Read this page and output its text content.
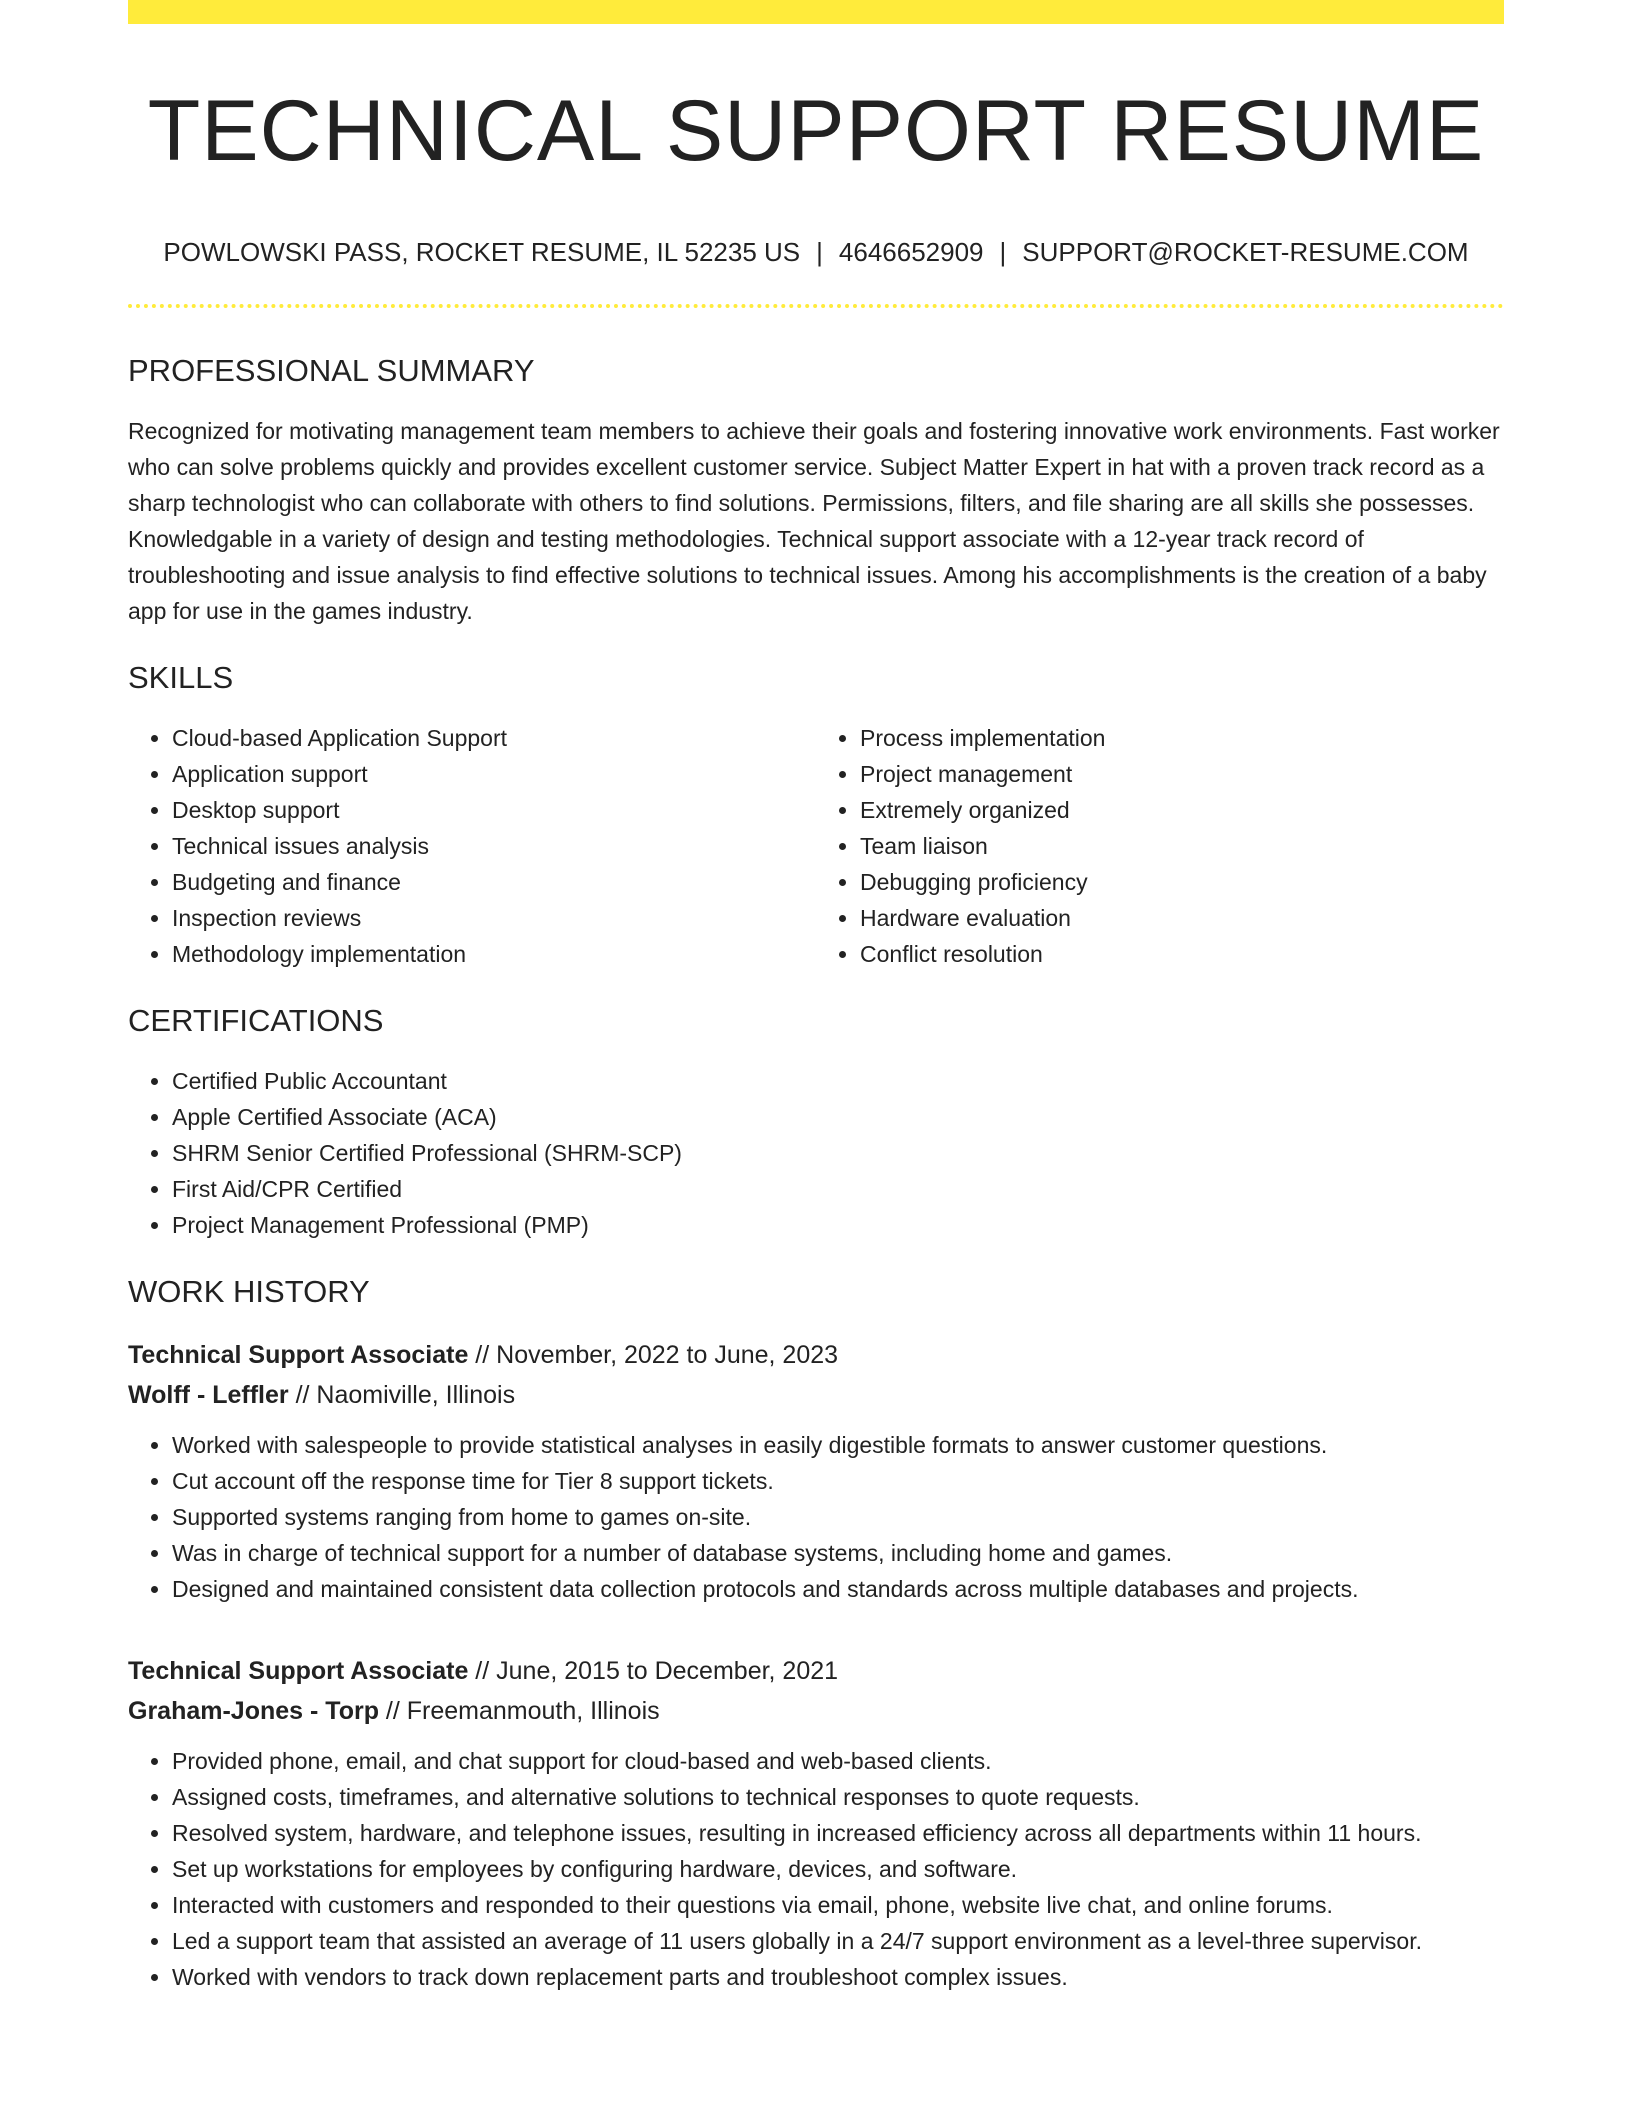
TECHNICAL SUPPORT RESUME
POWLOWSKI PASS, ROCKET RESUME, IL 52235 US | 4646652909 | SUPPORT@ROCKET-RESUME.COM
PROFESSIONAL SUMMARY

Recognized for motivating management team members to achieve their goals and fostering innovative work environments. Fast worker who can solve problems quickly and provides excellent customer service. Subject Matter Expert in hat with a proven track record as a sharp technologist who can collaborate with others to find solutions. Permissions, filters, and file sharing are all skills she possesses. Knowledgable in a variety of design and testing methodologies. Technical support associate with a 12-year track record of troubleshooting and issue analysis to find effective solutions to technical issues. Among his accomplishments is the creation of a baby app for use in the games industry.

SKILLS
• Cloud-based Application Support
• Application support
• Desktop support
• Technical issues analysis
• Budgeting and finance
• Inspection reviews
• Methodology implementation
• Process implementation
• Project management
• Extremely organized
• Team liaison
• Debugging proficiency
• Hardware evaluation
• Conflict resolution
CERTIFICATIONS
• Certified Public Accountant
• Apple Certified Associate (ACA)
• SHRM Senior Certified Professional (SHRM-SCP)
• First Aid/CPR Certified
• Project Management Professional (PMP)
WORK HISTORY
Technical Support Associate // November, 2022 to June, 2023
Wolff - Leffler // Naomiville, Illinois
• Worked with salespeople to provide statistical analyses in easily digestible formats to answer customer questions.
• Cut account off the response time for Tier 8 support tickets.
• Supported systems ranging from home to games on-site.
• Was in charge of technical support for a number of database systems, including home and games.
• Designed and maintained consistent data collection protocols and standards across multiple databases and projects.
Technical Support Associate // June, 2015 to December, 2021
Graham-Jones - Torp // Freemanmouth, Illinois
• Provided phone, email, and chat support for cloud-based and web-based clients.
• Assigned costs, timeframes, and alternative solutions to technical responses to quote requests.
• Resolved system, hardware, and telephone issues, resulting in increased efficiency across all departments within 11 hours.
• Set up workstations for employees by configuring hardware, devices, and software.
• Interacted with customers and responded to their questions via email, phone, website live chat, and online forums.
• Led a support team that assisted an average of 11 users globally in a 24/7 support environment as a level-three supervisor.
• Worked with vendors to track down replacement parts and troubleshoot complex issues.
